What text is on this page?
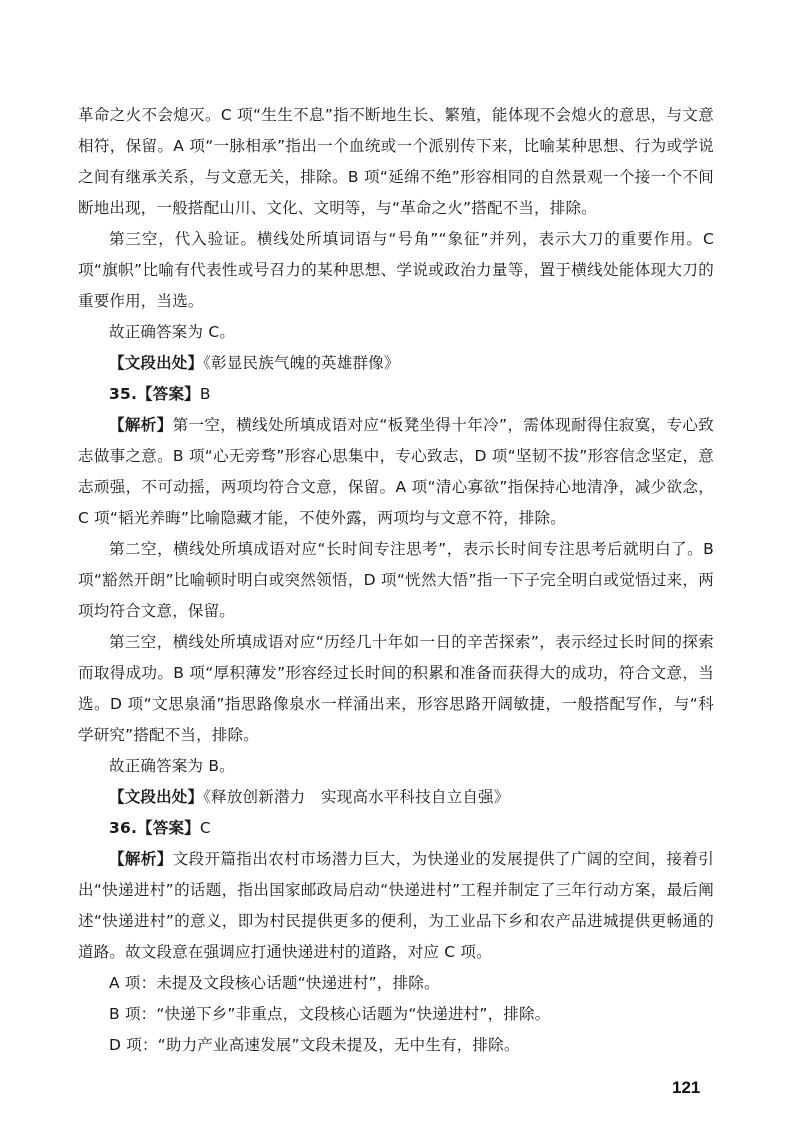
革命之火不会熄灭。C 项“生生不息”指不断地生长、繁殖，能体现不会熄火的意思，与文意相符，保留。A 项“一脉相承”指出一个血统或一个派别传下来，比喻某种思想、行为或学说之间有继承关系，与文意无关，排除。B 项“延绵不绝”形容相同的自然景观一个接一个不间断地出现，一般搭配山川、文化、文明等，与“革命之火”搭配不当，排除。

第三空，代入验证。横线处所填词语与“号角”“象征”并列，表示大刀的重要作用。C 项“旗帜”比喻有代表性或号召力的某种思想、学说或政治力量等，置于横线处能体现大刀的重要作用，当选。

故正确答案为 C。

【文段出处】《彰显民族气魄的英雄群像》

35.【答案】B

【解析】第一空，横线处所填成语对应“板凳坐得十年冷”，需体现耐得住寂寞，专心致志做事之意。B 项“心无旁骛”形容心思集中，专心致志，D 项“坚韧不拔”形容信念坚定，意志顽强，不可动摇，两项均符合文意，保留。A 项“清心寡欲”指保持心地清净，减少欲念，C 项“韬光养晦”比喻隐藏才能，不使外露，两项均与文意不符，排除。

第二空，横线处所填成语对应“长时间专注思考”，表示长时间专注思考后就明白了。B 项“豁然开朗”比喻顿时明白或突然领悟，D 项“恍然大悟”指一下子完全明白或觉悟过来，两项均符合文意，保留。

第三空，横线处所填成语对应“历经几十年如一日的辛苦探索”，表示经过长时间的探索而取得成功。B 项“厚积薄发”形容经过长时间的积累和准备而获得大的成功，符合文意，当选。D 项“文思泉涌”指思路像泉水一样涌出来，形容思路开阔敏捷，一般搭配写作，与“科学研究”搭配不当，排除。

故正确答案为 B。

【文段出处】《释放创新潜力　实现高水平科技自立自强》

36.【答案】C

【解析】文段开篇指出农村市场潜力巨大，为快递业的发展提供了广阔的空间，接着引出“快递进村”的话题，指出国家邮政局启动“快递进村”工程并制定了三年行动方案，最后阐述“快递进村”的意义，即为村民提供更多的便利，为工业品下乡和农产品进城提供更畅通的道路。故文段意在强调应打通快递进村的道路，对应 C 项。

A 项：未提及文段核心话题“快递进村”，排除。

B 项：“快递下乡”非重点，文段核心话题为“快递进村”，排除。

D 项：“助力产业高速发展”文段未提及，无中生有，排除。

121
